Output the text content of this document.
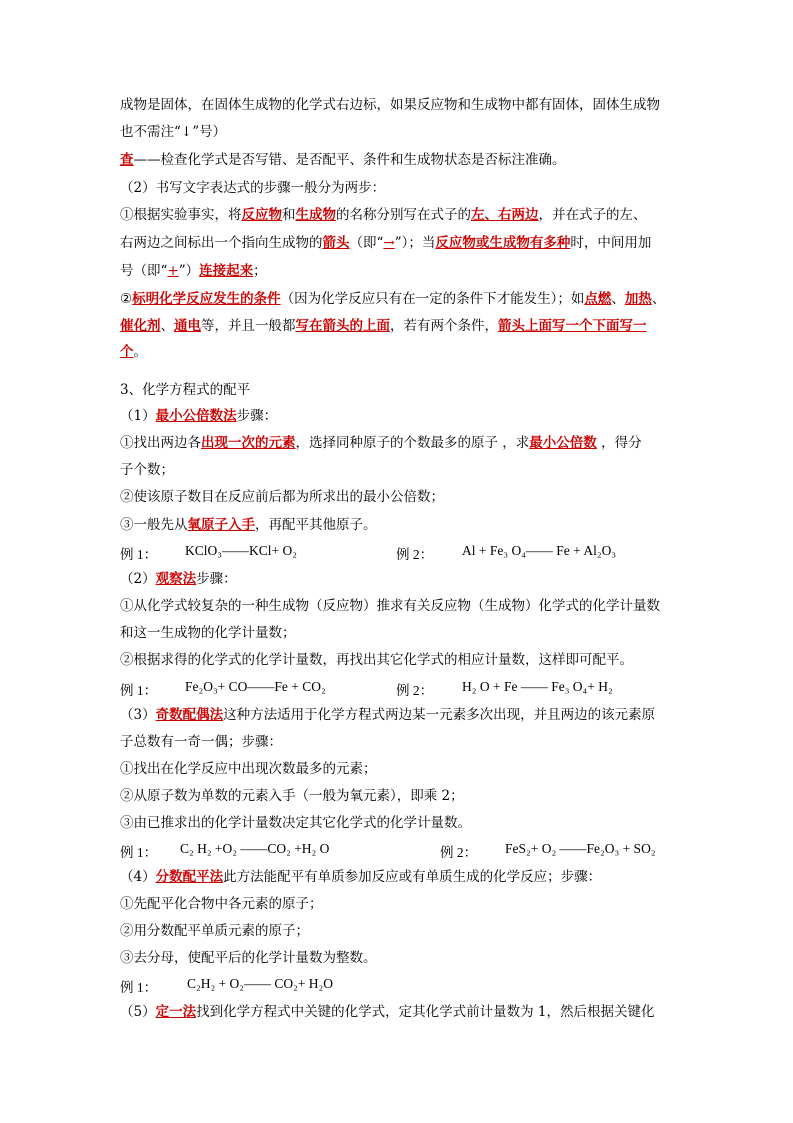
成物是固体，在固体生成物的化学式右边标，如果反应物和生成物中都有固体，固体生成物
也不需注“↓”号）
查——检查化学式是否写错、是否配平、条件和生成物状态是否标注准确。
（2）书写文字表达式的步骤一般分为两步：
①根据实验事实，将反应物和生成物的名称分别写在式子的左、右两边，并在式子的左、
右两边之间标出一个指向生成物的箭头（即“→”）；当反应物或生成物有多种时，中间用加
号（即“+”）连接起来；
②标明化学反应发生的条件（因为化学反应只有在一定的条件下才能发生）；如点燃、加热、
催化剂、通电等，并且一般都写在箭头的上面，若有两个条件，箭头上面写一个下面写一
个。
3、化学方程式的配平
（1）最小公倍数法步骤：
①找出两边各出现一次的元素，选择同种原子的个数最多的原子 ，求最小公倍数 ，得分
子个数；
②使该原子数目在反应前后都为所求出的最小公倍数；
③一般先从氧原子入手，再配平其他原子。
例 1： KClO₃——KCl+ O₂	例 2： Al + Fe₃ O₄—— Fe + Al₂O₃
（2）观察法步骤：
①从化学式较复杂的一种生成物（反应物）推求有关反应物（生成物）化学式的化学计量数
和这一生成物的化学计量数；
②根据求得的化学式的化学计量数，再找出其它化学式的相应计量数，这样即可配平。
例 1： Fe₂O₃+ CO——Fe + CO₂	例 2： H₂ O + Fe —— Fe₃ O₄+ H₂
（3）奇数配偶法这种方法适用于化学方程式两边某一元素多次出现，并且两边的该元素原
子总数有一奇一偶；步骤：
①找出在化学反应中出现次数最多的元素；
②从原子数为单数的元素入手（一般为氧元素），即乘 2；
③由已推求出的化学计量数决定其它化学式的化学计量数。
例 1： C₂ H₂ +O₂ ——CO₂ +H₂ O	例 2： FeS₂+ O₂ ——Fe₂O₃ + SO₂
（4）分数配平法此方法能配平有单质参加反应或有单质生成的化学反应；步骤：
①先配平化合物中各元素的原子；
②用分数配平单质元素的原子；
③去分母，使配平后的化学计量数为整数。
例 1： C₂H₂ + O₂—— CO₂+ H₂O
（5）定一法找到化学方程式中关键的化学式，定其化学式前计量数为 1，然后根据关键化
